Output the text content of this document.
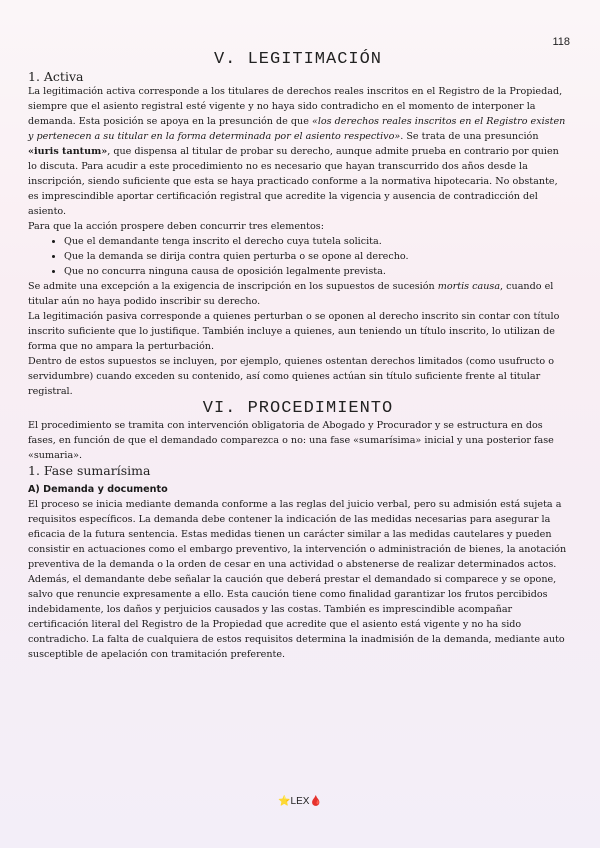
118
V. LEGITIMACIÓN
1. Activa

La legitimación activa corresponde a los titulares de derechos reales inscritos en el Registro de la Propiedad, siempre que el asiento registral esté vigente y no haya sido contradicho en el momento de interponer la demanda. Esta posición se apoya en la presunción de que «los derechos reales inscritos en el Registro existen y pertenecen a su titular en la forma determinada por el asiento respectivo». Se trata de una presunción «iuris tantum», que dispensa al titular de probar su derecho, aunque admite prueba en contrario por quien lo discuta. Para acudir a este procedimiento no es necesario que hayan transcurrido dos años desde la inscripción, siendo suficiente que esta se haya practicado conforme a la normativa hipotecaria. No obstante, es imprescindible aportar certificación registral que acredite la vigencia y ausencia de contradicción del asiento.

Para que la acción prospere deben concurrir tres elementos:

• Que el demandante tenga inscrito el derecho cuya tutela solicita.
• Que la demanda se dirija contra quien perturba o se opone al derecho.
• Que no concurra ninguna causa de oposición legalmente prevista.

Se admite una excepción a la exigencia de inscripción en los supuestos de sucesión mortis causa, cuando el titular aún no haya podido inscribir su derecho.

La legitimación pasiva corresponde a quienes perturban o se oponen al derecho inscrito sin contar con título inscrito suficiente que lo justifique. También incluye a quienes, aun teniendo un título inscrito, lo utilizan de forma que no ampara la perturbación.

Dentro de estos supuestos se incluyen, por ejemplo, quienes ostentan derechos limitados (como usufructo o servidumbre) cuando exceden su contenido, así como quienes actúan sin título suficiente frente al titular registral.

VI. PROCEDIMIENTO

El procedimiento se tramita con intervención obligatoria de Abogado y Procurador y se estructura en dos fases, en función de que el demandado comparezca o no: una fase «sumarísima» inicial y una posterior fase «sumaria».

1. Fase sumarísima
A) Demanda y documento

El proceso se inicia mediante demanda conforme a las reglas del juicio verbal, pero su admisión está sujeta a requisitos específicos. La demanda debe contener la indicación de las medidas necesarias para asegurar la eficacia de la futura sentencia. Estas medidas tienen un carácter similar a las medidas cautelares y pueden consistir en actuaciones como el embargo preventivo, la intervención o administración de bienes, la anotación preventiva de la demanda o la orden de cesar en una actividad o abstenerse de realizar determinados actos. Además, el demandante debe señalar la caución que deberá prestar el demandado si comparece y se opone, salvo que renuncie expresamente a ello. Esta caución tiene como finalidad garantizar los frutos percibidos indebidamente, los daños y perjuicios causados y las costas. También es imprescindible acompañar certificación literal del Registro de la Propiedad que acredite que el asiento está vigente y no ha sido contradicho. La falta de cualquiera de estos requisitos determina la inadmisión de la demanda, mediante auto susceptible de apelación con tramitación preferente.

⭐LEX🩸
